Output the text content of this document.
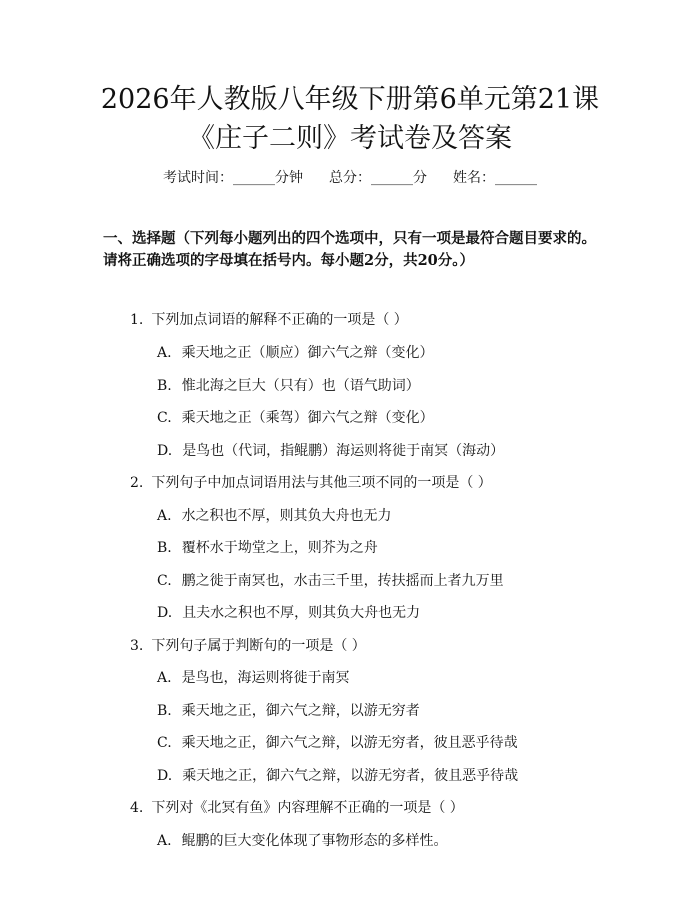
2026年人教版八年级下册第6单元第21课
《庄子二则》考试卷及答案
考试时间：______分钟 总分：______分 姓名：______
一、选择题（下列每小题列出的四个选项中，只有一项是最符合题目要求的。请将正确选项的字母填在括号内。每小题2分，共20分。）
1. 下列加点词语的解释不正确的一项是（ ）
A. 乘天地之正（顺应）御六气之辩（变化）
B. 惟北海之巨大（只有）也（语气助词）
C. 乘天地之正（乘驾）御六气之辩（变化）
D. 是鸟也（代词，指鲲鹏）海运则将徙于南冥（海动）
2. 下列句子中加点词语用法与其他三项不同的一项是（ ）
A. 水之积也不厚，则其负大舟也无力
B. 覆杯水于坳堂之上，则芥为之舟
C. 鹏之徙于南冥也，水击三千里，抟扶摇而上者九万里
D. 且夫水之积也不厚，则其负大舟也无力
3. 下列句子属于判断句的一项是（ ）
A. 是鸟也，海运则将徙于南冥
B. 乘天地之正，御六气之辩，以游无穷者
C. 乘天地之正，御六气之辩，以游无穷者，彼且恶乎待哉
D. 乘天地之正，御六气之辩，以游无穷者，彼且恶乎待哉
4. 下列对《北冥有鱼》内容理解不正确的一项是（ ）
A. 鲲鹏的巨大变化体现了事物形态的多样性。
